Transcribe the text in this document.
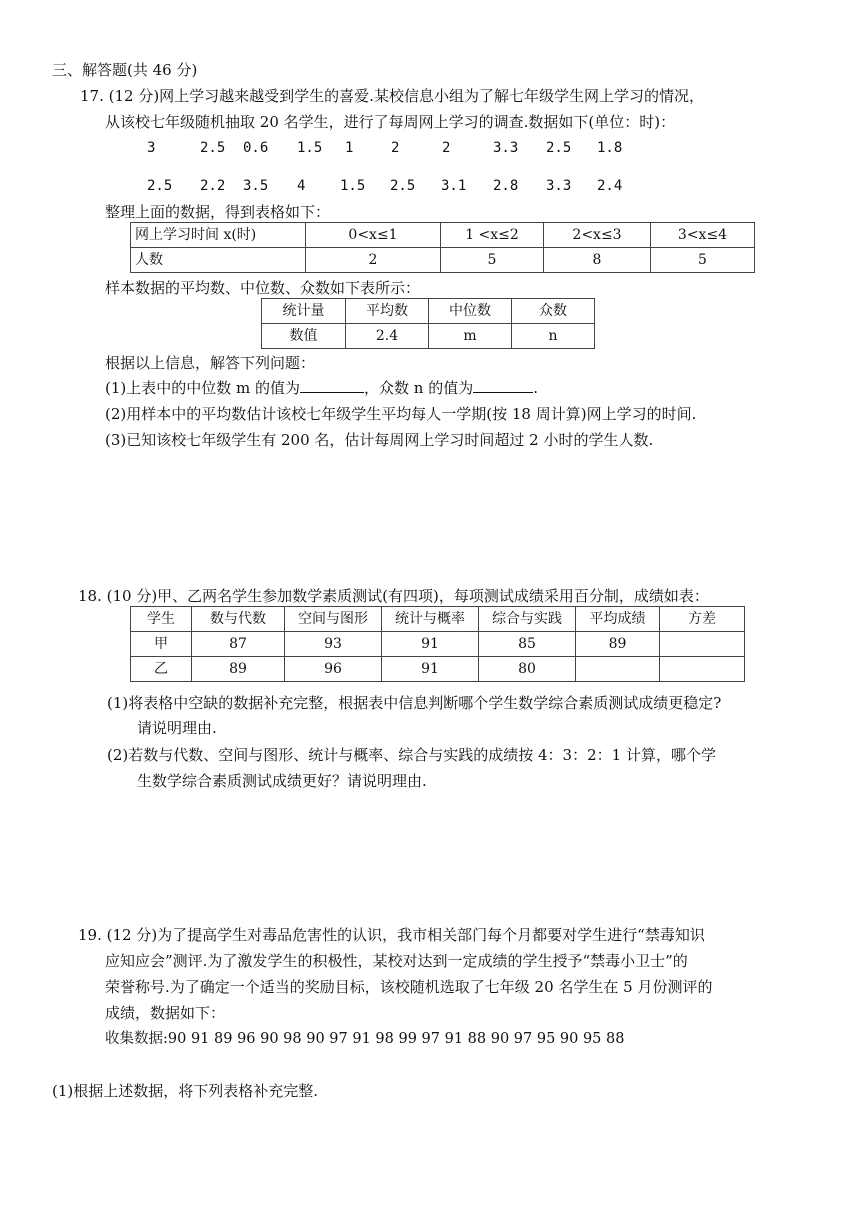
三、解答题(共 46 分)
17. (12 分)网上学习越来越受到学生的喜爱.某校信息小组为了解七年级学生网上学习的情况，
从该校七年级随机抽取 20 名学生，进行了每周网上学习的调查.数据如下(单位：时)：
3	2.5 0.6 1.5 1	2	2	3.3 2.5 1.8
2.5 2.2 3.5 4 1.5 2.5 3.1 2.8 3.3 2.4
整理上面的数据，得到表格如下：
网上学习时间 x(时)	0<x≤1	1 <x≤2	2<x≤3	3<x≤4
人数	2	5	8	5
样本数据的平均数、中位数、众数如下表所示：
统计量	平均数	中位数	众数
数值	2.4	m	n
根据以上信息，解答下列问题：
(1)上表中的中位数 m 的值为	，众数 n 的值为	.
(2)用样本中的平均数估计该校七年级学生平均每人一学期(按 18 周计算)网上学习的时间.
(3)已知该校七年级学生有 200 名，估计每周网上学习时间超过 2 小时的学生人数.
18. (10 分)甲、乙两名学生参加数学素质测试(有四项)，每项测试成绩采用百分制，成绩如表：
学生	数与代数	空间与图形	统计与概率	综合与实践	平均成绩	方差
甲	87	93	91	85	89	
乙	89	96	91	80		
(1)将表格中空缺的数据补充完整，根据表中信息判断哪个学生数学综合素质测试成绩更稳定?
请说明理由.
(2)若数与代数、空间与图形、统计与概率、综合与实践的成绩按 4：3：2：1 计算，哪个学
生数学综合素质测试成绩更好？请说明理由.
19. (12 分)为了提高学生对毒品危害性的认识，我市相关部门每个月都要对学生进行“禁毒知识
应知应会”测评.为了激发学生的积极性，某校对达到一定成绩的学生授予“禁毒小卫士”的
荣誉称号.为了确定一个适当的奖励目标，该校随机选取了七年级 20 名学生在 5 月份测评的
成绩，数据如下：
收集数据:90 91 89 96 90 98 90 97 91 98 99 97 91 88 90 97 95 90 95 88
(1)根据上述数据，将下列表格补充完整.
